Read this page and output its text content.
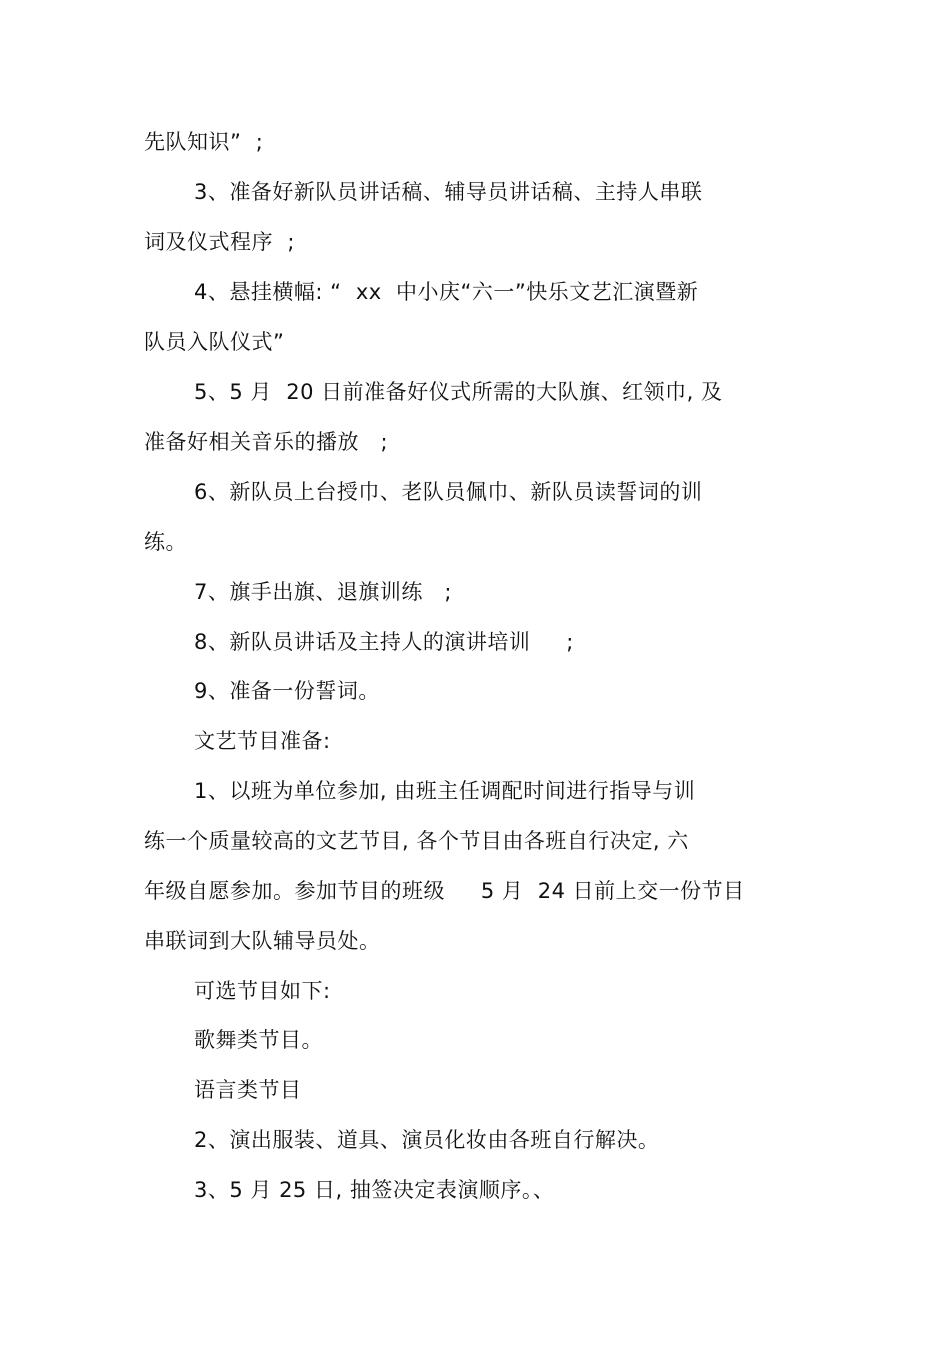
先队知识”  ;
3、准备好新队员讲话稿、辅导员讲话稿、主持人串联
词及仪式程序  ;
4、悬挂横幅: “  xx  中小庆“六一”快乐文艺汇演暨新
队员入队仪式”
5、5 月  20 日前准备好仪式所需的大队旗、红领巾, 及
准备好相关音乐的播放   ;
6、新队员上台授巾、老队员佩巾、新队员读誓词的训
练。
7、旗手出旗、退旗训练   ;
8、新队员讲话及主持人的演讲培训     ;
9、准备一份誓词。
文艺节目准备:
1、以班为单位参加, 由班主任调配时间进行指导与训
练一个质量较高的文艺节目, 各个节目由各班自行决定, 六
年级自愿参加。参加节目的班级     5 月  24 日前上交一份节目
串联词到大队辅导员处。
可选节目如下:
歌舞类节目。
语言类节目
2、演出服装、道具、演员化妆由各班自行解决。
3、5 月 25 日, 抽签决定表演顺序。、
